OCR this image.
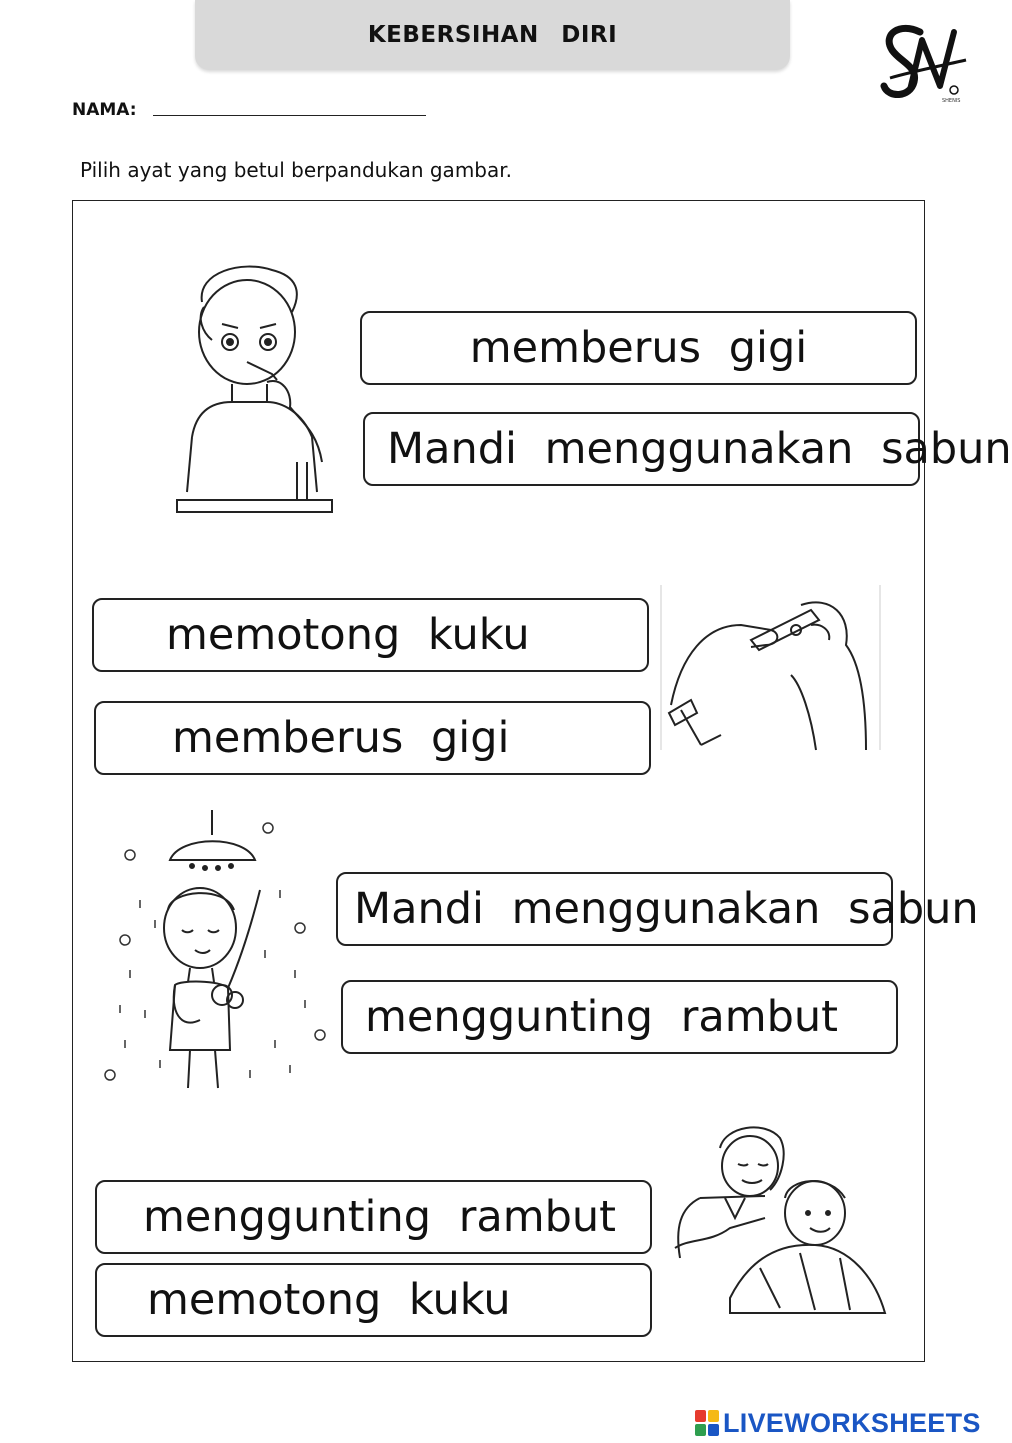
KEBERSIHAN DIRI
SHENIS
NAMA:
Pilih ayat yang betul berpandukan gambar.
memberus gigi
Mandi menggunakan sabun
memotong kuku
memberus gigi
Mandi menggunakan sabun
menggunting rambut
menggunting rambut
memotong kuku
LIVEWORKSHEETS
